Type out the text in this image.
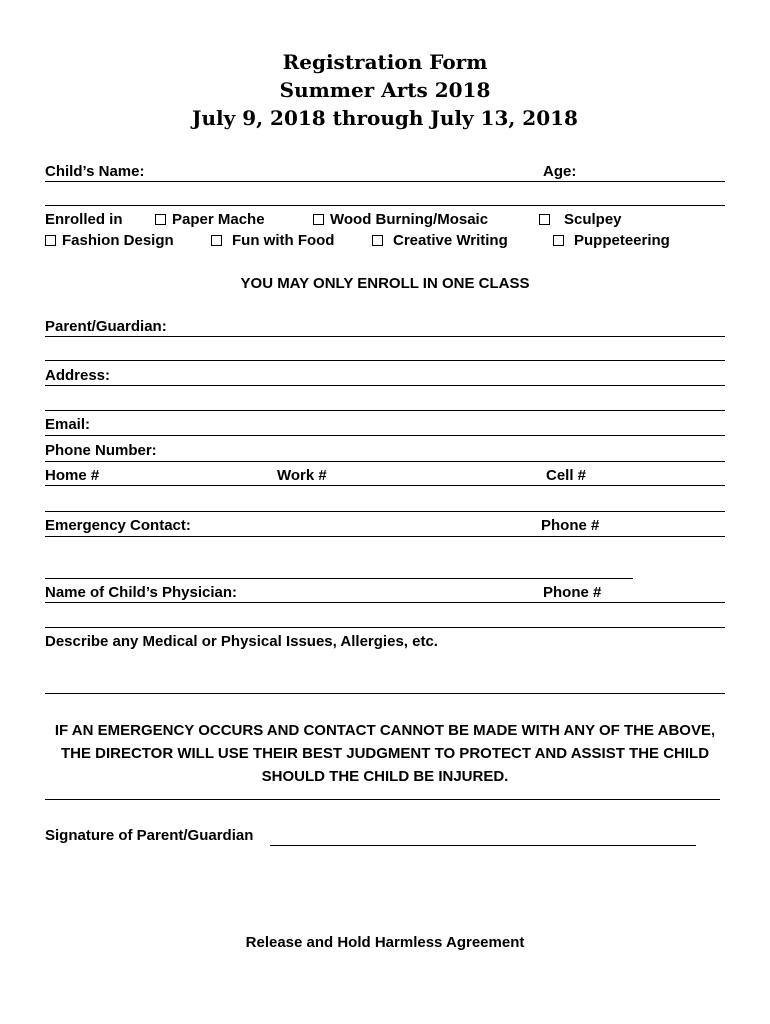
Registration Form
Summer Arts 2018
July 9, 2018 through July 13, 2018
Child’s Name:	Age:
Enrolled in	Paper Mache	Wood Burning/Mosaic	Sculpey
Fashion Design	Fun with Food	Creative Writing	Puppeteering
YOU MAY ONLY ENROLL IN ONE CLASS
Parent/Guardian:
Address:
Email:
Phone Number:
Home #	Work #	Cell #
Emergency Contact:	Phone #
Name of Child’s Physician:	Phone #
Describe any Medical or Physical Issues, Allergies, etc.
IF AN EMERGENCY OCCURS AND CONTACT CANNOT BE MADE WITH ANY OF THE ABOVE, THE DIRECTOR WILL USE THEIR BEST JUDGMENT TO PROTECT AND ASSIST THE CHILD SHOULD THE CHILD BE INJURED.
Signature of Parent/Guardian
Release and Hold Harmless Agreement
